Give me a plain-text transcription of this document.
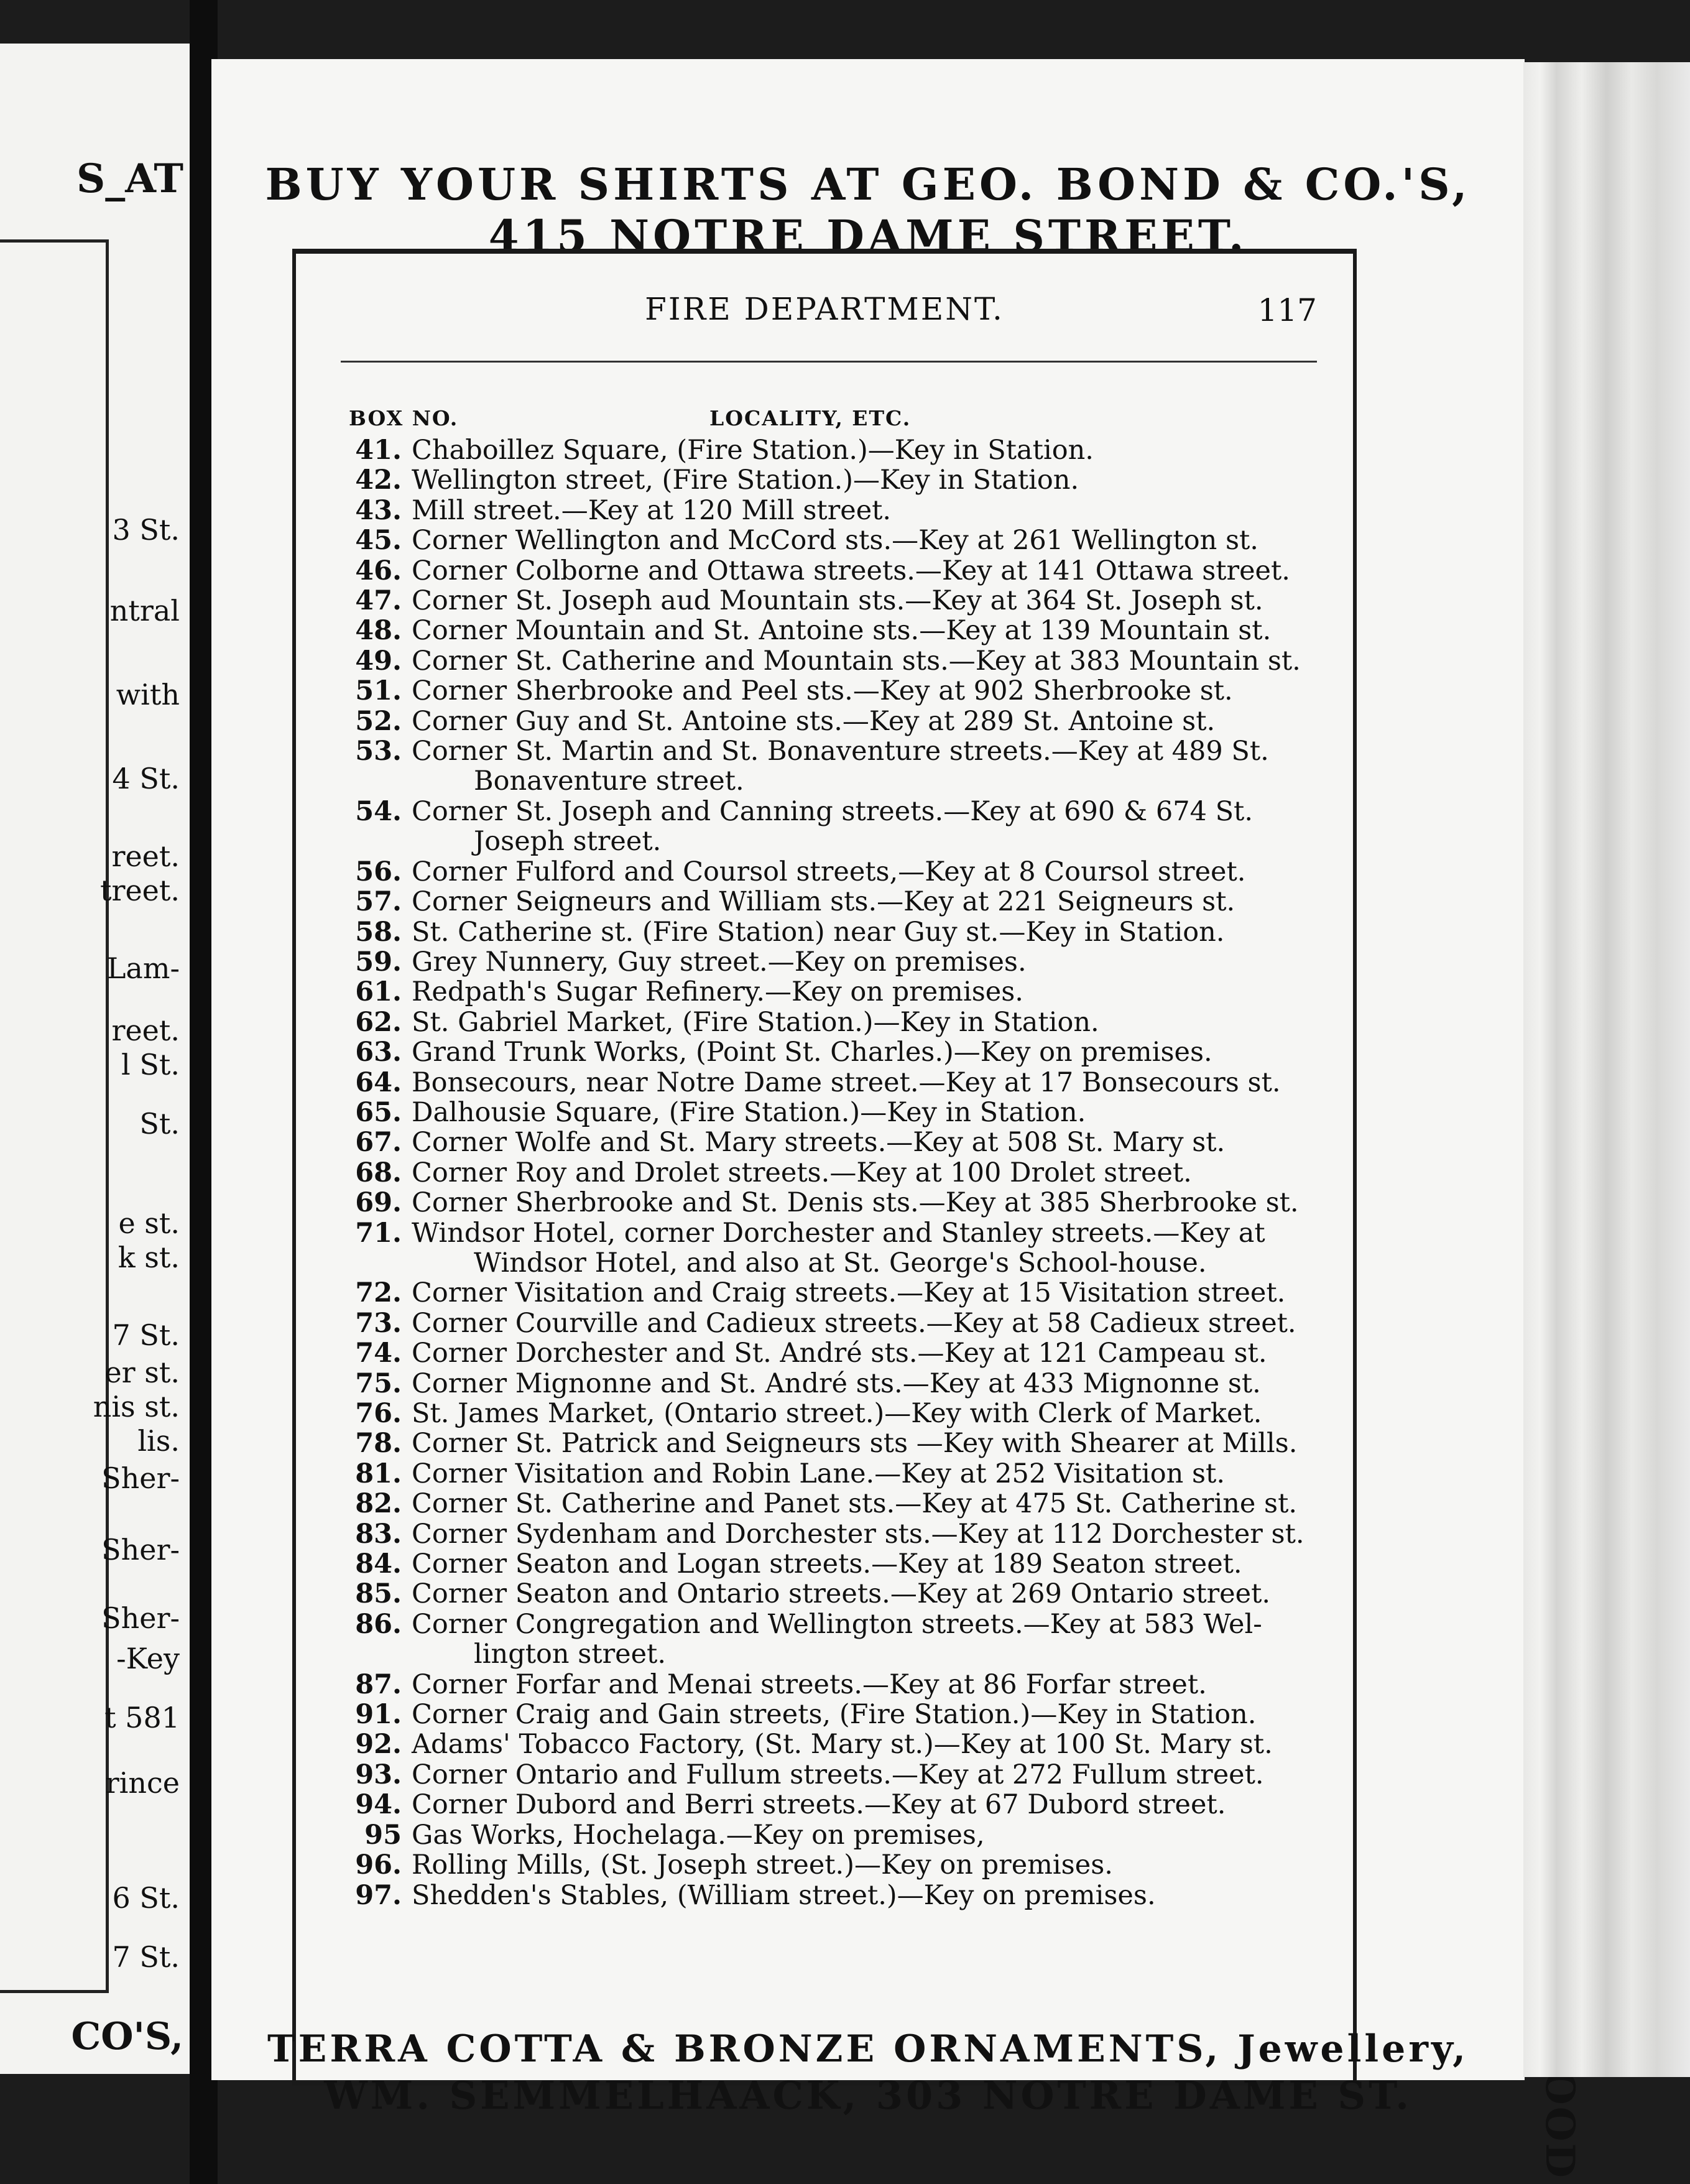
S_AT
3 St.
ntral
with
4 St.
reet.
treet.
Lam-
reet.
l St.
St.
e st.
k st.
7 St.
er st.
nis st.
lis.
Sher-
Sher-
Sher-
-Key
t 581
rince
6 St.
7 St.
CO'S,
BUY YOUR SHIRTS AT GEO. BOND & CO.'S,
415 NOTRE DAME STREET.
FIRE DEPARTMENT.	117
BOX NO.	LOCALITY, ETC.
41. Chaboillez Square, (Fire Station.)—Key in Station.
42. Wellington street, (Fire Station.)—Key in Station.
43. Mill street.—Key at 120 Mill street.
45. Corner Wellington and McCord sts.—Key at 261 Wellington st.
46. Corner Colborne and Ottawa streets.—Key at 141 Ottawa street.
47. Corner St. Joseph aud Mountain sts.—Key at 364 St. Joseph st.
48. Corner Mountain and St. Antoine sts.—Key at 139 Mountain st.
49. Corner St. Catherine and Mountain sts.—Key at 383 Mountain st.
51. Corner Sherbrooke and Peel sts.—Key at 902 Sherbrooke st.
52. Corner Guy and St. Antoine sts.—Key at 289 St. Antoine st.
53. Corner St. Martin and St. Bonaventure streets.—Key at 489 St.
Bonaventure street.
54. Corner St. Joseph and Canning streets.—Key at 690 & 674 St.
Joseph street.
56. Corner Fulford and Coursol streets,—Key at 8 Coursol street.
57. Corner Seigneurs and William sts.—Key at 221 Seigneurs st.
58. St. Catherine st. (Fire Station) near Guy st.—Key in Station.
59. Grey Nunnery, Guy street.—Key on premises.
61. Redpath's Sugar Refinery.—Key on premises.
62. St. Gabriel Market, (Fire Station.)—Key in Station.
63. Grand Trunk Works, (Point St. Charles.)—Key on premises.
64. Bonsecours, near Notre Dame street.—Key at 17 Bonsecours st.
65. Dalhousie Square, (Fire Station.)—Key in Station.
67. Corner Wolfe and St. Mary streets.—Key at 508 St. Mary st.
68. Corner Roy and Drolet streets.—Key at 100 Drolet street.
69. Corner Sherbrooke and St. Denis sts.—Key at 385 Sherbrooke st.
71. Windsor Hotel, corner Dorchester and Stanley streets.—Key at
Windsor Hotel, and also at St. George's School-house.
72. Corner Visitation and Craig streets.—Key at 15 Visitation street.
73. Corner Courville and Cadieux streets.—Key at 58 Cadieux street.
74. Corner Dorchester and St. André sts.—Key at 121 Campeau st.
75. Corner Mignonne and St. André sts.—Key at 433 Mignonne st.
76. St. James Market, (Ontario street.)—Key with Clerk of Market.
78. Corner St. Patrick and Seigneurs sts —Key with Shearer at Mills.
81. Corner Visitation and Robin Lane.—Key at 252 Visitation st.
82. Corner St. Catherine and Panet sts.—Key at 475 St. Catherine st.
83. Corner Sydenham and Dorchester sts.—Key at 112 Dorchester st.
84. Corner Seaton and Logan streets.—Key at 189 Seaton street.
85. Corner Seaton and Ontario streets.—Key at 269 Ontario street.
86. Corner Congregation and Wellington streets.—Key at 583 Wel-
lington street.
87. Corner Forfar and Menai streets.—Key at 86 Forfar street.
91. Corner Craig and Gain streets, (Fire Station.)—Key in Station.
92. Adams' Tobacco Factory, (St. Mary st.)—Key at 100 St. Mary st.
93. Corner Ontario and Fullum streets.—Key at 272 Fullum street.
94. Corner Dubord and Berri streets.—Key at 67 Dubord street.
95 Gas Works, Hochelaga.—Key on premises,
96. Rolling Mills, (St. Joseph street.)—Key on premises.
97. Shedden's Stables, (William street.)—Key on premises.
TERRA COTTA & BRONZE ORNAMENTS, Jewellery,
WM. SEMMELHAACK, 303 NOTRE DAME ST.
